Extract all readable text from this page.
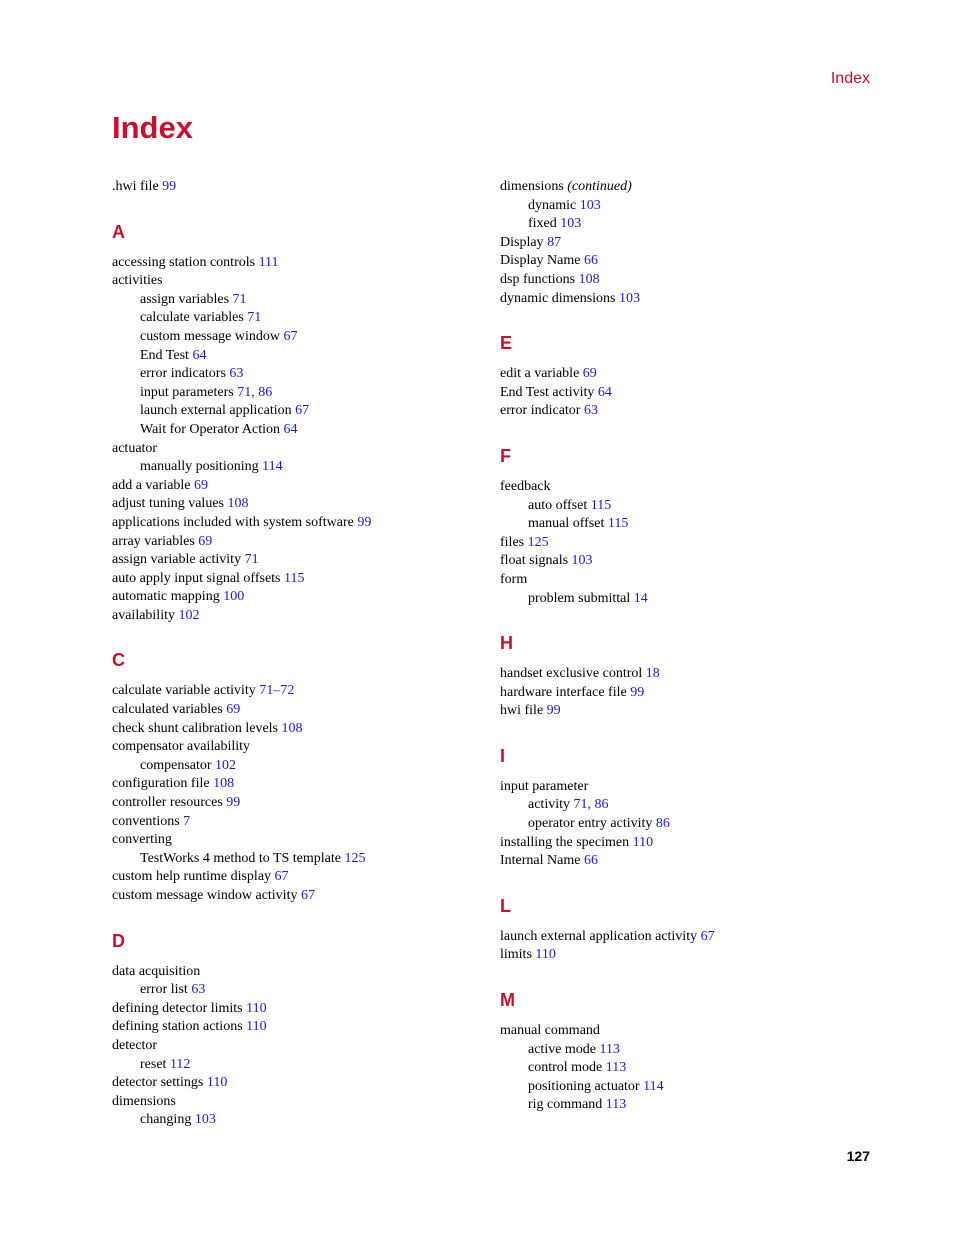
Index
Index
.hwi file 99
A
accessing station controls 111
activities
assign variables 71
calculate variables 71
custom message window 67
End Test 64
error indicators 63
input parameters 71, 86
launch external application 67
Wait for Operator Action 64
actuator
manually positioning 114
add a variable 69
adjust tuning values 108
applications included with system software 99
array variables 69
assign variable activity 71
auto apply input signal offsets 115
automatic mapping 100
availability 102
C
calculate variable activity 71–72
calculated variables 69
check shunt calibration levels 108
compensator availability
compensator 102
configuration file 108
controller resources 99
conventions 7
converting
TestWorks 4 method to TS template 125
custom help runtime display 67
custom message window activity 67
D
data acquisition
error list 63
defining detector limits 110
defining station actions 110
detector
reset 112
detector settings 110
dimensions
changing 103
dimensions (continued)
dynamic 103
fixed 103
Display 87
Display Name 66
dsp functions 108
dynamic dimensions 103
E
edit a variable 69
End Test activity 64
error indicator 63
F
feedback
auto offset 115
manual offset 115
files 125
float signals 103
form
problem submittal 14
H
handset exclusive control 18
hardware interface file 99
hwi file 99
I
input parameter
activity 71, 86
operator entry activity 86
installing the specimen 110
Internal Name 66
L
launch external application activity 67
limits 110
M
manual command
active mode 113
control mode 113
positioning actuator 114
rig command 113
127
